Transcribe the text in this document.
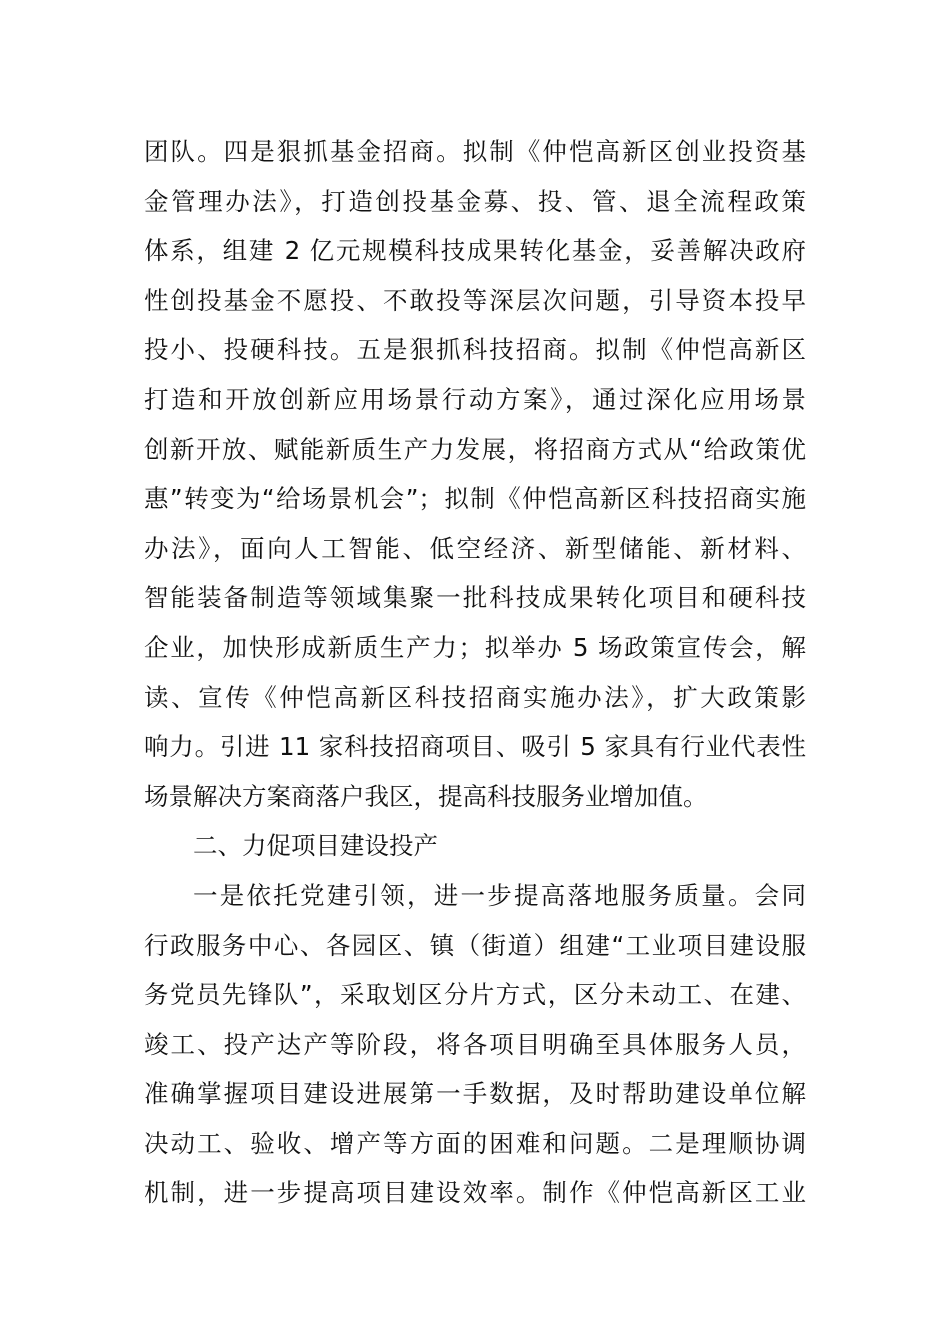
团队。四是狠抓基金招商。拟制《仲恺高新区创业投资基
金管理办法》，打造创投基金募、投、管、退全流程政策
体系，组建 2 亿元规模科技成果转化基金，妥善解决政府
性创投基金不愿投、不敢投等深层次问题，引导资本投早
投小、投硬科技。五是狠抓科技招商。拟制《仲恺高新区
打造和开放创新应用场景行动方案》，通过深化应用场景
创新开放、赋能新质生产力发展，将招商方式从“给政策优
惠”转变为“给场景机会”；拟制《仲恺高新区科技招商实施
办法》，面向人工智能、低空经济、新型储能、新材料、
智能装备制造等领域集聚一批科技成果转化项目和硬科技
企业，加快形成新质生产力；拟举办 5 场政策宣传会，解
读、宣传《仲恺高新区科技招商实施办法》，扩大政策影
响力。引进 11 家科技招商项目、吸引 5 家具有行业代表性
场景解决方案商落户我区，提高科技服务业增加值。
二、力促项目建设投产
一是依托党建引领，进一步提高落地服务质量。会同
行政服务中心、各园区、镇（街道）组建“工业项目建设服
务党员先锋队”，采取划区分片方式，区分未动工、在建、
竣工、投产达产等阶段，将各项目明确至具体服务人员，
准确掌握项目建设进展第一手数据，及时帮助建设单位解
决动工、验收、增产等方面的困难和问题。二是理顺协调
机制，进一步提高项目建设效率。制作《仲恺高新区工业
